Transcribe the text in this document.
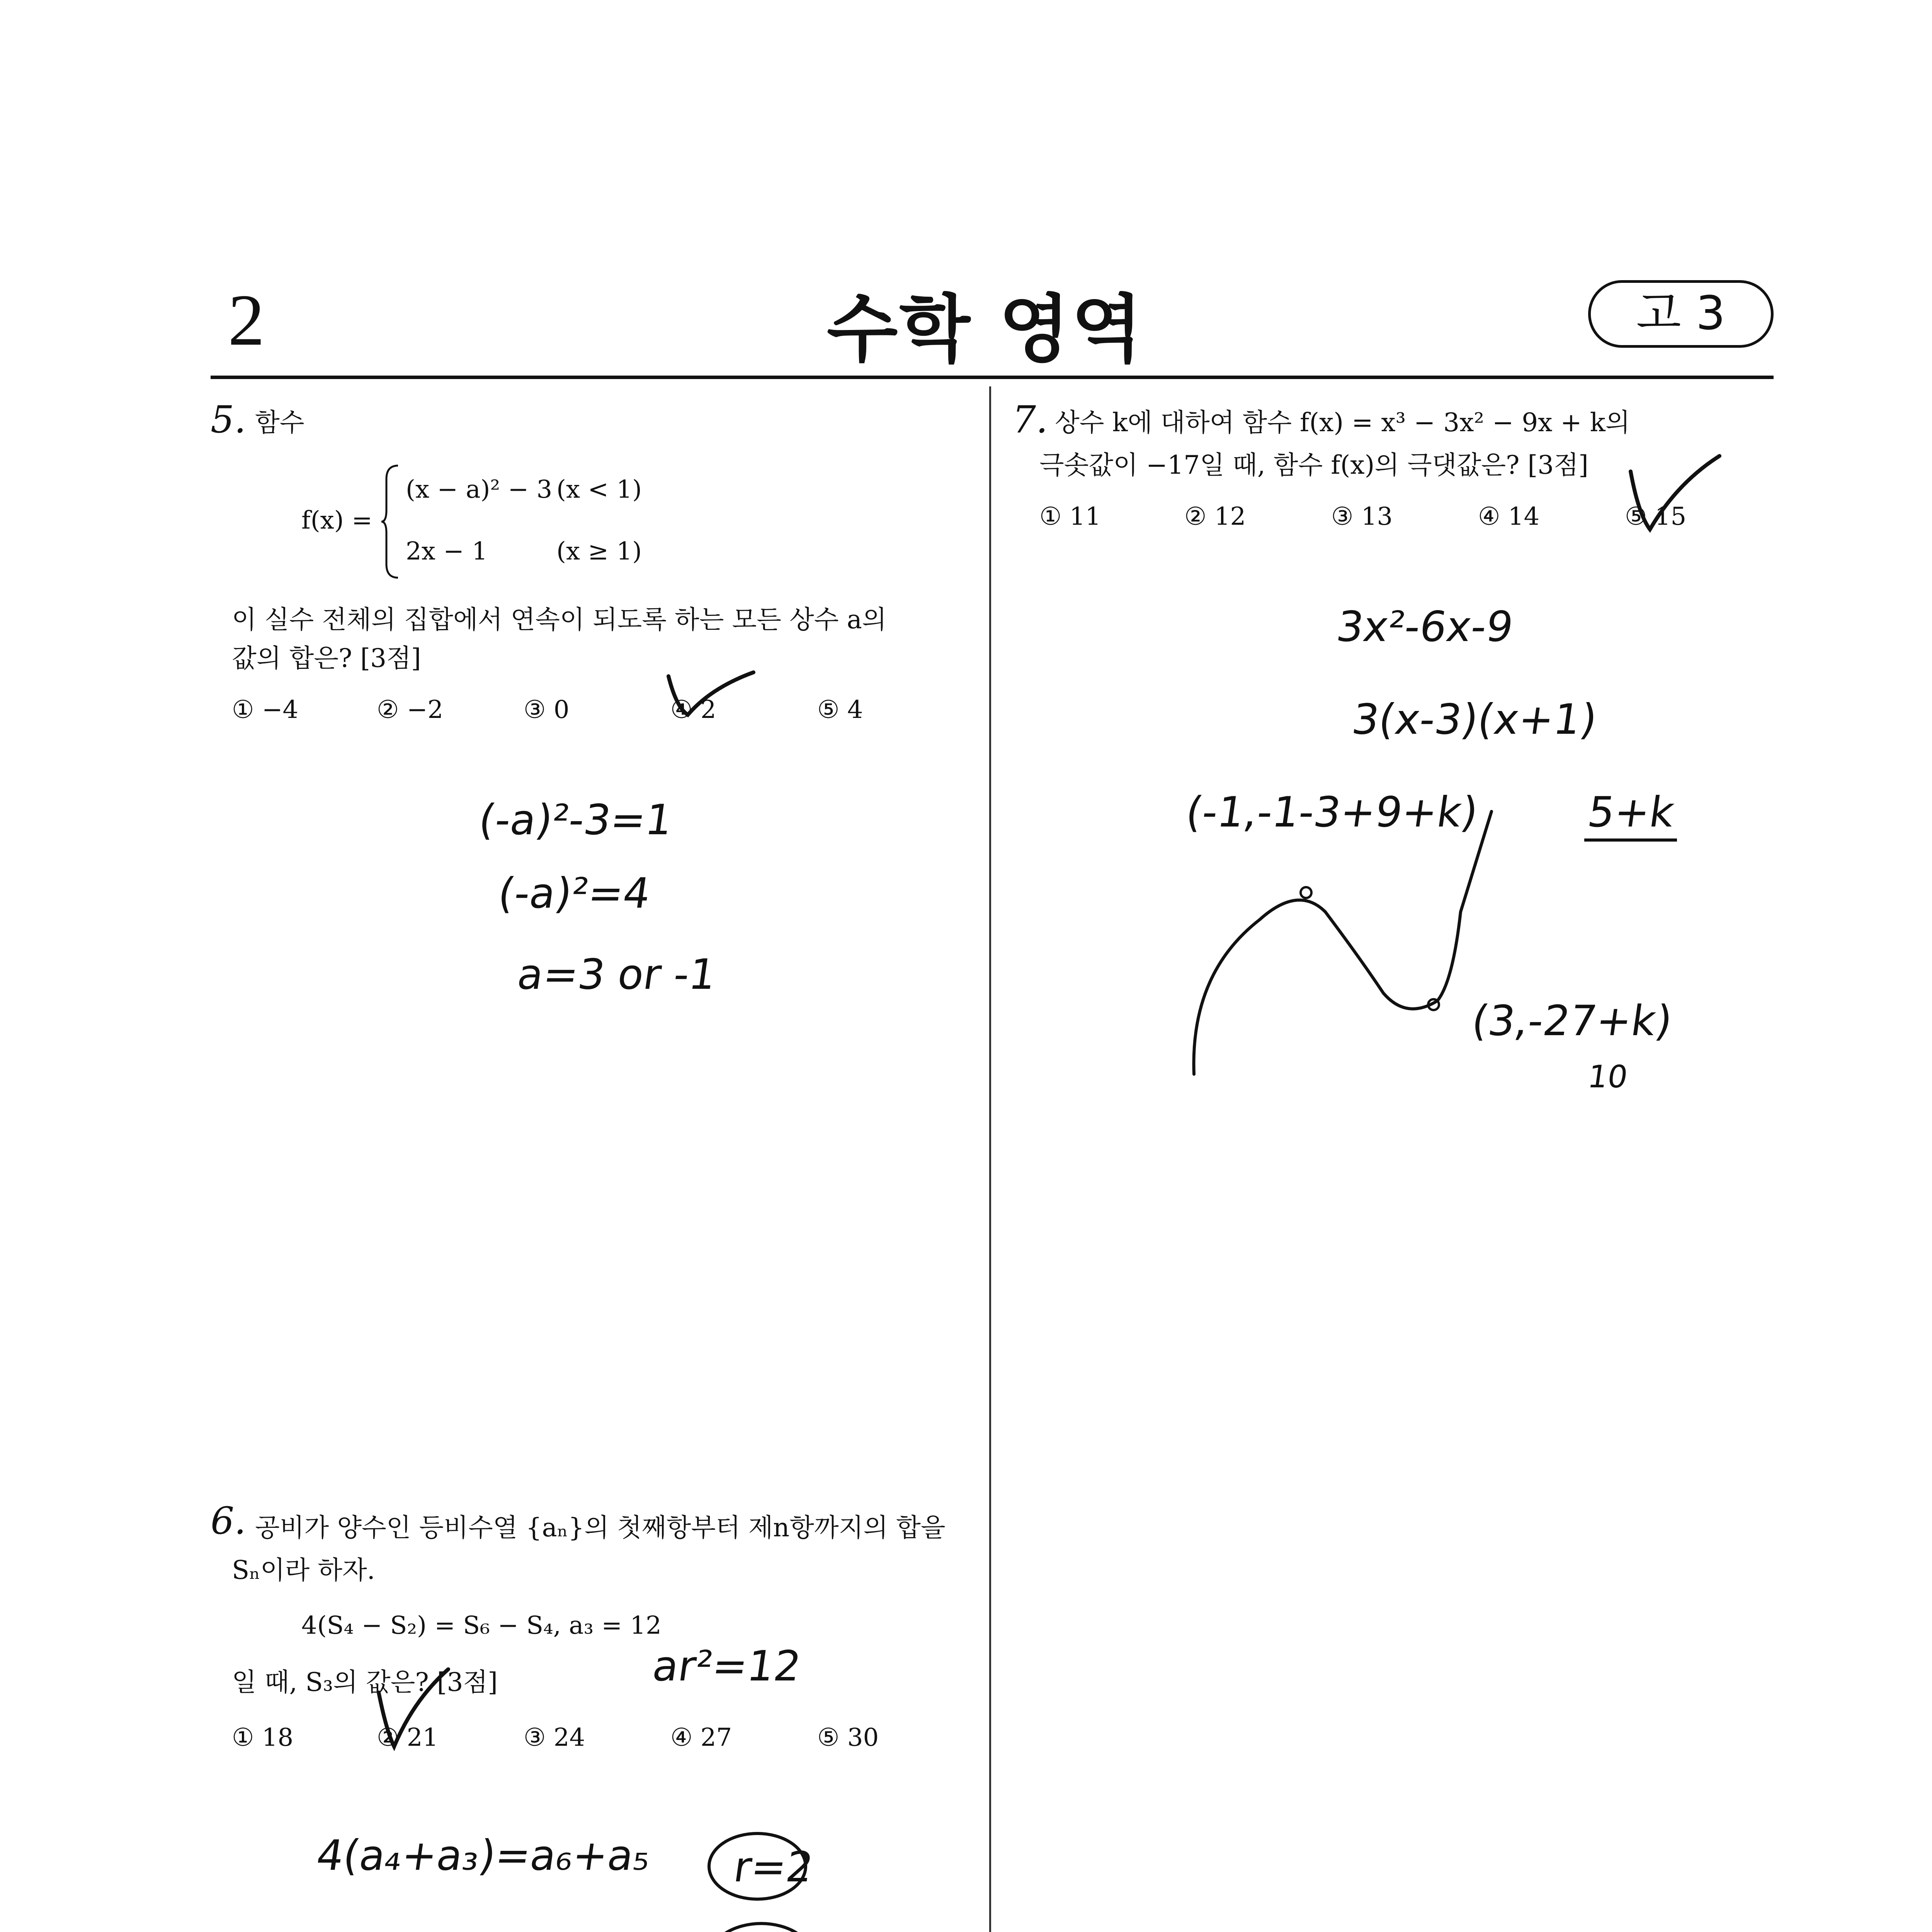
2	수학 영역	고 3
5. 함수
f(x) =
(x − a)² − 3 (x < 1)
2x − 1	(x ≥ 1)
이 실수 전체의 집합에서 연속이 되도록 하는 모든 상수 a의
값의 합은? [3점]
① −4	② −2	③ 0	④ 2	⑤ 4
(-a)²-3=1
(-a)²=4
a=3 or -1
6. 공비가 양수인 등비수열 {aₙ}의 첫째항부터 제n항까지의 합을
Sₙ이라 하자.
4(S₄ − S₂) = S₆ − S₄, a₃ = 12
일 때, S₃의 값은? [3점]
① 18	② 21	③ 24	④ 27	⑤ 30
ar²=12
4(a₄+a₃)=a₆+a₅ r=2
7. 상수 k에 대하여 함수 f(x) = x³ − 3x² − 9x + k의
극솟값이 −17일 때, 함수 f(x)의 극댓값은? [3점]
① 11	② 12	③ 13	④ 14	⑤ 15
3x²-6x-9
3(x-3)(x+1)
(-1,-1-3+9+k) 5+k
(3,-27+k)
10
